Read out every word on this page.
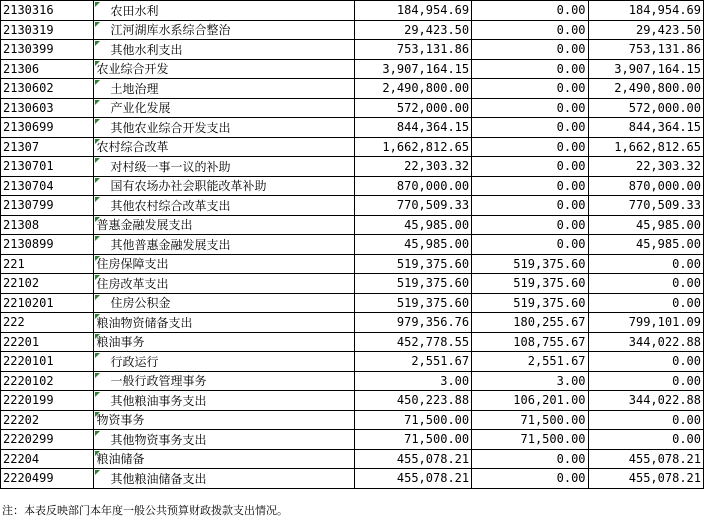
2130316	农田水利	184,954.69	0.00	184,954.69
2130319	江河湖库水系综合整治	29,423.50	0.00	29,423.50
2130399	其他水利支出	753,131.86	0.00	753,131.86
21306	农业综合开发	3,907,164.15	0.00	3,907,164.15
2130602	土地治理	2,490,800.00	0.00	2,490,800.00
2130603	产业化发展	572,000.00	0.00	572,000.00
2130699	其他农业综合开发支出	844,364.15	0.00	844,364.15
21307	农村综合改革	1,662,812.65	0.00	1,662,812.65
2130701	对村级一事一议的补助	22,303.32	0.00	22,303.32
2130704	国有农场办社会职能改革补助	870,000.00	0.00	870,000.00
2130799	其他农村综合改革支出	770,509.33	0.00	770,509.33
21308	普惠金融发展支出	45,985.00	0.00	45,985.00
2130899	其他普惠金融发展支出	45,985.00	0.00	45,985.00
221	住房保障支出	519,375.60	519,375.60	0.00
22102	住房改革支出	519,375.60	519,375.60	0.00
2210201	住房公积金	519,375.60	519,375.60	0.00
222	粮油物资储备支出	979,356.76	180,255.67	799,101.09
22201	粮油事务	452,778.55	108,755.67	344,022.88
2220101	行政运行	2,551.67	2,551.67	0.00
2220102	一般行政管理事务	3.00	3.00	0.00
2220199	其他粮油事务支出	450,223.88	106,201.00	344,022.88
22202	物资事务	71,500.00	71,500.00	0.00
2220299	其他物资事务支出	71,500.00	71,500.00	0.00
22204	粮油储备	455,078.21	0.00	455,078.21
2220499	其他粮油储备支出	455,078.21	0.00	455,078.21
注：本表反映部门本年度一般公共预算财政拨款支出情况。
